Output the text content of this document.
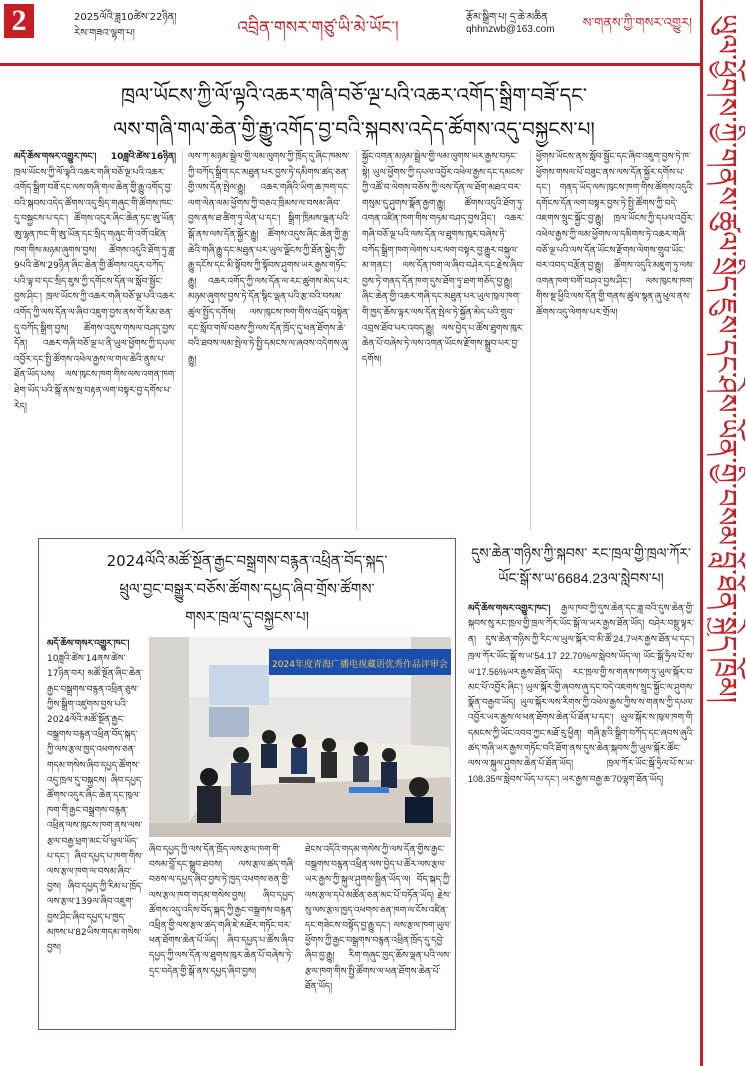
2	2025ལོའི་ཟླ10ཚེས་22ཉིན།
རེས་གཟའ་ལྷག་པ།	འབྲིན་གསར་གཙུ་ཡི་མེ་ཡོང་།
རྩོམ་སྒྲིག་པ། དྲ་ཆེ་མཆིན
qhhnzwb@163.com	ས་གནས་ཀྱི་གསར་འགྱུར། ཡུལ་ཕྱོགས་ཀྱི་གནས་ཚུལ་སྲིད་ཇུས་དང་ཤེས་ཡོན་གྱི་བསམ་བློ་ཐོན་སྐྱེད་ཁྲོམ།
ཁྲལ་ཡོངས་ཀྱི་ལོ་ལྟའི་འཆར་གཞི་བཅོ་ལྔ་པའི་འཆར་འགོད་སྒྲིག་བཟོ་དང་
ལས་གཞི་གལ་ཆེན་གྱི་རྒྱུ་འགོད་བྱ་བའི་སྐབས་འདེད་ཚོགས་འདུ་བསྐྱངས་པ།
མདོ་ཆོས་གསར་འགྱུར་ཁང་། 10ཟླའི་ཚེས་16ཉིན། ཁྲལ་ཡོངས་ཀྱི་ལོ་ལྟའི་འཆར་གཞི་བཅོ་ལྔ་པའི་འཆར་འགོད་སྒྲིག་བཟོ་དང་ལས་གཞི་གལ་ཆེན་གྱི་རྒྱུ་འགོད་བྱ་བའི་སྐབས་འདེད་ཚོགས་འདུ་སྲིད་གཞུང་གི་ཚོགས་ཁང་དུ་བསྐྱངས་པ་དང་། ཚོགས་འདུར་ཞིང་ཆེན་ཏང་ཨུ་ཡོན་ཨུ་ལྷན་ཁང་གི་ཨུ་ཡོན་དང་སྲིད་གཞུང་གི་འགོ་འཛིན་ཁག་གིས་མཉམ་ཞུགས་བྱས། ཚོགས་འདུའི་ཐོག་ཏུ་ཟླ་9པའི་ཚེས་29ཉིན་ཞིང་ཆེན་གྱི་ཚོགས་འདུར་བཀོད་པའི་ལྟ་བ་དང་སྲིད་ཇུས་ཀྱི་དགོངས་དོན་ལ་སློབ་སྦྱོང་བྱས་ཤིང་། ཁྲལ་ཡོངས་ཀྱི་འཆར་གཞི་བཅོ་ལྔ་པའི་འཆར་འགོད་ཀྱི་ལས་དོན་ལ་ཞིབ་འཇུག་བྱས་ནས་གོ་རིམ་ཅན་དུ་བཀོད་སྒྲིག་བྱས། ཚོགས་འདུས་གསལ་བཤད་བྱས་དོན། འཆར་གཞི་བཅོ་ལྔ་པ་ནི་ཡུལ་ཕྱོགས་ཀྱི་དཔལ་འབྱོར་དང་སྤྱི་ཚོགས་འཕེལ་རྒྱས་ལ་གལ་ཆེའི་ནུས་པ་ཐོན་ཡོད་པས། ལས་ཁུངས་ཁག་གིས་ལས་འགན་ཁག་ཐེག་ཡོད་པའི་སྒོ་ནས་སྲ་བརྟན་ལག་བསྟར་བྱ་དགོས་པ་རེད།
ལས་ཀ་མཉམ་སྦྲེལ་གྱི་ལམ་ལུགས་ཀྱི་ཁྲོད་དུ་ཞིང་ཁམས་ཀྱི་བཀོད་སྒྲིག་དང་མཐུན་པར་བྱས་ཏེ་དམིགས་ཚད་ཅན་གྱི་ལས་དོན་སྤེལ་རྒྱུ། འཆར་གཞིའི་ཡིག་ཆ་ཁག་དང་ལག་ལེན་ལམ་ཕྱོགས་ཀྱི་བཅའ་ཁྲིམས་ལ་བསམ་ཞིབ་བྱས་ནས་ཐ་ཚིག་ཏུ་ལེན་པ་དང་། སྒྲིག་ཁྲིམས་ལྡན་པའི་སྒོ་ནས་ལས་དོན་སྐྱོར་རྒྱུ། ཚོགས་འདུས་ཞིང་ཆེན་གྱི་རྒྱ་ཆེའི་གཞི་རྒྱུ་དང་མཐུན་པར་ཡུལ་ལྗོངས་ཀྱི་ཐོན་སྐྱེད་ཀྱི་རྒྱུ་དངོས་དང་མི་སྟོབས་ཀྱི་སྟོབས་ཤུགས་ཡར་རྒྱས་གཏོང་རྒྱུ། འཆར་འགོད་ཀྱི་ལས་དོན་ལ་རང་ཚུགས་མེད་པར་མཉམ་ཞུགས་བྱས་ཏེ་དོན་སྙིང་ལྡན་པའི་རྩ་བའི་བསམ་ཚུལ་སྤྱོད་དགོས། ལས་ཁུངས་ཁག་གིས་འཕྲོད་བསྟེན་དང་སློབ་གསོ་བཅས་ཀྱི་ལས་དོན་ཁྲོད་དུ་ཕན་ཐོགས་ཆེ་བའི་ཐབས་ལམ་སྤེལ་ཏེ་སྤྱི་དམངས་ལ་ཞབས་འདེགས་ཞུ་རྒྱུ།
སྐྱོང་འགན་མཉམ་སྦྲེལ་གྱི་ལམ་ལུགས་ཡར་རྒྱས་བཏང་སྟེ། ཡུལ་ཕྱོགས་ཀྱི་དཔལ་འབྱོར་འཕེལ་རྒྱས་དང་དམངས་ཀྱི་འཚོ་བ་ལེགས་བཅོས་ཀྱི་ལས་དོན་ལ་ཐོག་མཐའ་བར་གསུམ་དུ་ཤུགས་སྣོན་རྒྱག་རྒྱུ། ཚོགས་འདུའི་ཐོག་ཏུ་འགན་འཛིན་ཁག་གིས་གཏམ་བཤད་བྱས་ཤིང་། འཆར་གཞི་བཅོ་ལྔ་པའི་ལས་དོན་ལ་ཐུགས་ཁུར་བཞེས་ཏེ་བཀོད་སྒྲིག་ཁག་ལེགས་པར་ལག་བསྟར་བྱ་རྒྱུར་བསྐུལ་མ་གནང་། ལས་དོན་ཁག་ལ་ཞིབ་བཤེར་དང་རྗེས་ཞིབ་བྱས་ཏེ་གནད་དོན་ཁག་དུས་ཐོག་ཏུ་ཐག་གཅོད་བྱ་རྒྱུ། ཞིང་ཆེན་གྱི་འཆར་གཞི་དང་མཐུན་པར་ཡུལ་ཁུལ་ཁག་གི་ཁྱད་ཆོས་ལྟར་ལས་དོན་སྤེལ་ཏེ་སྐྱོན་མེད་པའི་གྲུབ་འབྲས་ཐོབ་པར་འབད་རྒྱུ། ལས་བྱེད་པ་ཚོས་ཐུགས་ཁུར་ཆེན་པོ་བཞེས་ཏེ་ལས་འགན་ཡོངས་རྫོགས་སྒྲུབ་པར་བྱ་དགོས།
ཕྱོགས་ཡོངས་ནས་སློབ་སྦྱོང་དང་ཞིབ་འཇུག་བྱས་ཏེ་ཁ་ཕྱོགས་གསལ་པོ་བཟུང་ནས་ལས་དོན་སྐྱོར་དགོས་པ་དང་། གནད་ཡོད་ལས་ཁུངས་ཁག་གིས་ཚོགས་འདུའི་དགོངས་དོན་ལག་བསྟར་བྱས་ཏེ་སྤྱི་ཚོགས་ཀྱི་བདེ་འཇགས་སྲུང་སྐྱོང་བྱ་རྒྱུ། ཁྲལ་ཡོངས་ཀྱི་དཔལ་འབྱོར་འཕེལ་རྒྱས་ཀྱི་ལམ་ཕྱོགས་ལ་དམིགས་ཏེ་འཆར་གཞི་བཅོ་ལྔ་པའི་ལས་དོན་ཡོངས་རྫོགས་ལེགས་གྲུབ་ཡོང་བར་འབད་བརྩོན་བྱ་རྒྱུ། ཚོགས་འདུའི་མཇུག་ཏུ་ལས་འགན་ཁག་བགོ་བཤའ་བྱས་ཤིང་། ལས་ཁུངས་ཁག་གིས་སྔ་ཕྱིའི་ལས་དོན་གྱི་གནས་ཚུལ་སྙན་ཞུ་ཕུལ་ནས་ཚོགས་འདུ་ལེགས་པར་གྲོལ།
2024ལོའི་མཚོ་སྔོན་རྒྱང་བསྒྲགས་བརྙན་འཕྲིན་བོད་སྐད་
ཕྲུལ་བྱང་བསྒྱུར་བཅོས་ཚོགས་དཔྱད་ཞིབ་གྲོས་ཚོགས་
གསར་ཁྲལ་དུ་བསྐྱངས་པ།
མདོ་ཆོས་གསར་འགྱུར་ཁང་། 10ཟླའི་ཚེས་14ནས་ཚེས་17ཉིན་བར། མཚོ་སྔོན་ཞིང་ཆེན་རྒྱང་བསྒྲགས་བརྙན་འཕྲིན་ཅུས་ཀྱིས་སྒྲིག་འཛུགས་བྱས་པའི་2024ལོའི་མཚོ་སྔོན་རྒྱང་བསྒྲགས་བརྙན་འཕྲིན་བོད་སྐད་ཀྱི་ལས་རྩལ་ཁྱད་འཕགས་ཅན་གདམ་གསེས་ཞིབ་དཔྱད་ཚོགས་འདུ་ཁྲལ་དུ་བསྐྱངས། ཞིབ་དཔྱད་ཚོགས་འདུར་ཞིང་ཆེན་དང་ཁུལ་ཁག་གི་རྒྱང་བསྒྲགས་བརྙན་འཕྲིན་ལས་ཁུངས་ཁག་ནས་ལས་རྩལ་བརྒྱ་ཕྲག་མང་པོ་ཕུལ་ཡོད་པ་དང་། ཞིབ་དཔྱད་པ་ཁག་གིས་ལས་རྩལ་ཁག་ལ་བསམ་ཞིབ་བྱས། ཞིབ་དཔྱད་ཀྱི་རིམ་པ་ཁྲོད་ལས་རྩལ་139ལ་ཞིབ་འཇུག་བྱས་ཤིང་ཞིབ་དཔྱད་པ་ཁྱད་མཁས་པ་82ཡིས་གདམ་གསེས་བྱས།
2024年度青海广播电视藏语优秀作品评审会
ཞིབ་དཔྱད་ཀྱི་ལས་དོན་ཁྲོད་ལས་རྩལ་ཁག་གི་བསམ་བློ་དང་སྒྲུབ་ཐབས། ལས་རྩལ་ཚད་གཞི་བཅས་ལ་དཔྱད་ཞིབ་བྱས་ཏེ་ཁྱད་འཕགས་ཅན་གྱི་ལས་རྩལ་ཁག་གདམ་གསེས་བྱས། ཞིབ་དཔྱད་ཚོགས་འདུ་འདིས་བོད་སྐད་ཀྱི་རྒྱང་བསྒྲགས་བརྙན་འཕྲིན་གྱི་ལས་རྩལ་ཚད་གཞི་ཇེ་མཐོར་གཏོང་བར་ཕན་ཐོགས་ཆེན་པོ་ཡོད། ཞིབ་དཔྱད་པ་ཚོས་ཞིབ་དཔྱད་ཀྱི་ལས་དོན་ལ་ཐུགས་ཁུར་ཆེན་པོ་བཞེས་ཏེ་དྲང་བདེན་གྱི་སྒོ་ནས་དཔྱད་ཞིབ་བྱས།
ཐེངས་འདིའི་གདམ་གསེས་ཀྱི་ལས་དོན་གྱིས་རྒྱང་བསྒྲགས་བརྙན་འཕྲིན་ལས་བྱེད་པ་ཚོར་ལས་རྩལ་ཡར་རྒྱས་ཀྱི་སྐུལ་ཤུགས་སྦྱིན་ཡོད་ལ། བོད་སྐད་ཀྱི་ལས་རྩལ་དཔེ་མཚོན་ཅན་མང་པོ་བཏོན་ཡོད། རྗེས་སུ་ལས་རྩལ་ཁྱད་འཕགས་ཅན་ཁག་ལ་ངོས་འཛིན་དང་གཟེངས་བསྟོད་བྱ་རྒྱུ་དང་། ལས་རྩལ་ཁག་ཡུལ་ཕྱོགས་ཀྱི་རྒྱང་བསྒྲགས་བརྙན་འཕྲིན་ཁྲོད་དུ་དབྱེ་ཞིབ་བྱ་རྒྱུ། རིག་གཞུང་ཁྱད་ཆོས་ལྡན་པའི་ལས་རྩལ་ཁག་གིས་སྤྱི་ཚོགས་ལ་ཕན་ཐོགས་ཆེན་པོ་ཐོན་ཡོད།
དུས་ཆེན་གཉིས་ཀྱི་སྐབས་ རང་ཁྲལ་གྱི་ཁྲལ་ཀོར་ཡོང་སྒོ་ས་ཡ་6684.23ལ་སླེབས་པ།
མདོ་ཆོས་གསར་འགྱུར་ཁང་། རྒྱལ་ཁབ་ཀྱི་དུས་ཆེན་དང་ཟླ་བའི་དུས་ཆེན་གྱི་སྐབས་སུ་རང་ཁྲལ་གྱི་ཁྲལ་ཀོར་ཡོང་སྒོ་ལ་ཡར་རྒྱས་ཐོན་ཡོད། བཤེར་བསྡུ་ལྟར་ན། དུས་ཆེན་གཉིས་ཀྱི་རིང་ལ་ཡུལ་སྐོར་བ་མི་ཚོ་24.7ཡར་རྒྱས་ཐོན་པ་དང་། ཁྲལ་ཀོར་ཡོང་སྒོ་ས་ཡ་54.17 22.70%ལ་སླེབས་ཡོད་ལ། ཡོང་སྒོ་ཧྲིལ་པོ་ས་ཡ་17.56%ཡར་རྒྱས་ཐོན་ཡོད། རང་ཁྲལ་གྱི་ས་གནས་ཁག་ཏུ་ཡུལ་སྐོར་བ་མང་པོ་འབྱོར་ཞིང་། ཡུལ་སྐོར་གྱི་ཞབས་ཞུ་དང་བདེ་འཇགས་སྲུང་སྐྱོང་ལ་ཤུགས་སྣོན་བརྒྱབ་ཡོད། ཡུལ་སྐོར་ལས་རིགས་ཀྱི་འཕེལ་རྒྱས་ཀྱིས་ས་གནས་ཀྱི་དཔལ་འབྱོར་ཡར་རྒྱས་ལ་ཕན་ཐོགས་ཆེན་པོ་ཐོན་པ་དང་། ཡུལ་སྐོར་ས་ཁུལ་ཁག་གི་དམངས་ཀྱི་ཡོང་འབབ་ཀྱང་མཐོ་རུ་ཕྱིན། གཞི་རྩའི་སྒྲིག་བཀོད་དང་ཞབས་ཞུའི་ཚད་གཞི་ཡར་རྒྱས་གཏོང་བའི་ཐོག་ནས་དུས་ཆེན་སྐབས་ཀྱི་ཡུལ་སྐོར་ཚོང་ལས་ལ་སྐུལ་ཤུགས་ཆེན་པོ་ཐོན་ཡོད། ཁྲལ་ཀོར་ཡོང་སྒོ་ཧྲིལ་པོ་ས་ཡ་108.35ལ་སླེབས་ཡོད་པ་དང་། ཡར་རྒྱས་བརྒྱ་ཆ་70ལྷག་ཐོན་ཡོད།
